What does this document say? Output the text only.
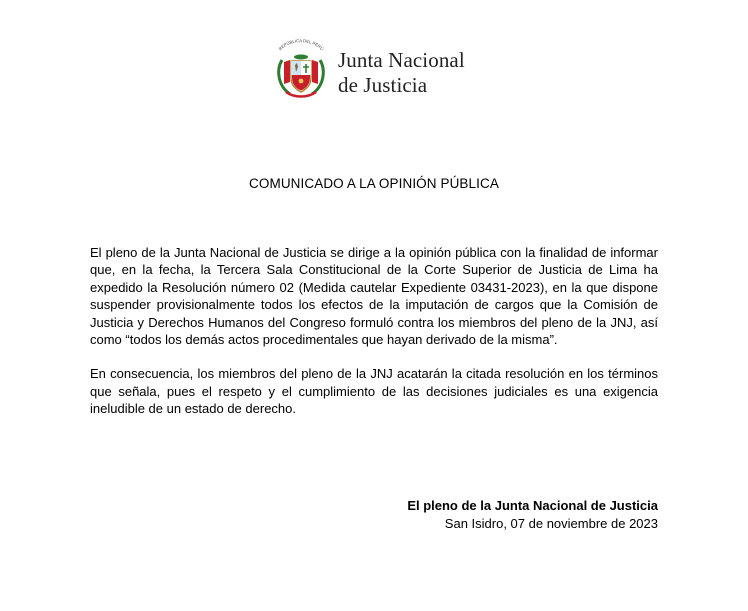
REPÚBLICA DEL PERÚ Junta Nacional
de Justicia
COMUNICADO A LA OPINIÓN PÚBLICA

El pleno de la Junta Nacional de Justicia se dirige a la opinión pública con la finalidad de informar que, en la fecha, la Tercera Sala Constitucional de la Corte Superior de Justicia de Lima ha expedido la Resolución número 02 (Medida cautelar Expediente 03431-2023), en la que dispone suspender provisionalmente todos los efectos de la imputación de cargos que la Comisión de Justicia y Derechos Humanos del Congreso formuló contra los miembros del pleno de la JNJ, así como “todos los demás actos procedimentales que hayan derivado de la misma”.

En consecuencia, los miembros del pleno de la JNJ acatarán la citada resolución en los términos que señala, pues el respeto y el cumplimiento de las decisiones judiciales es una exigencia ineludible de un estado de derecho.

El pleno de la Junta Nacional de Justicia
San Isidro, 07 de noviembre de 2023
